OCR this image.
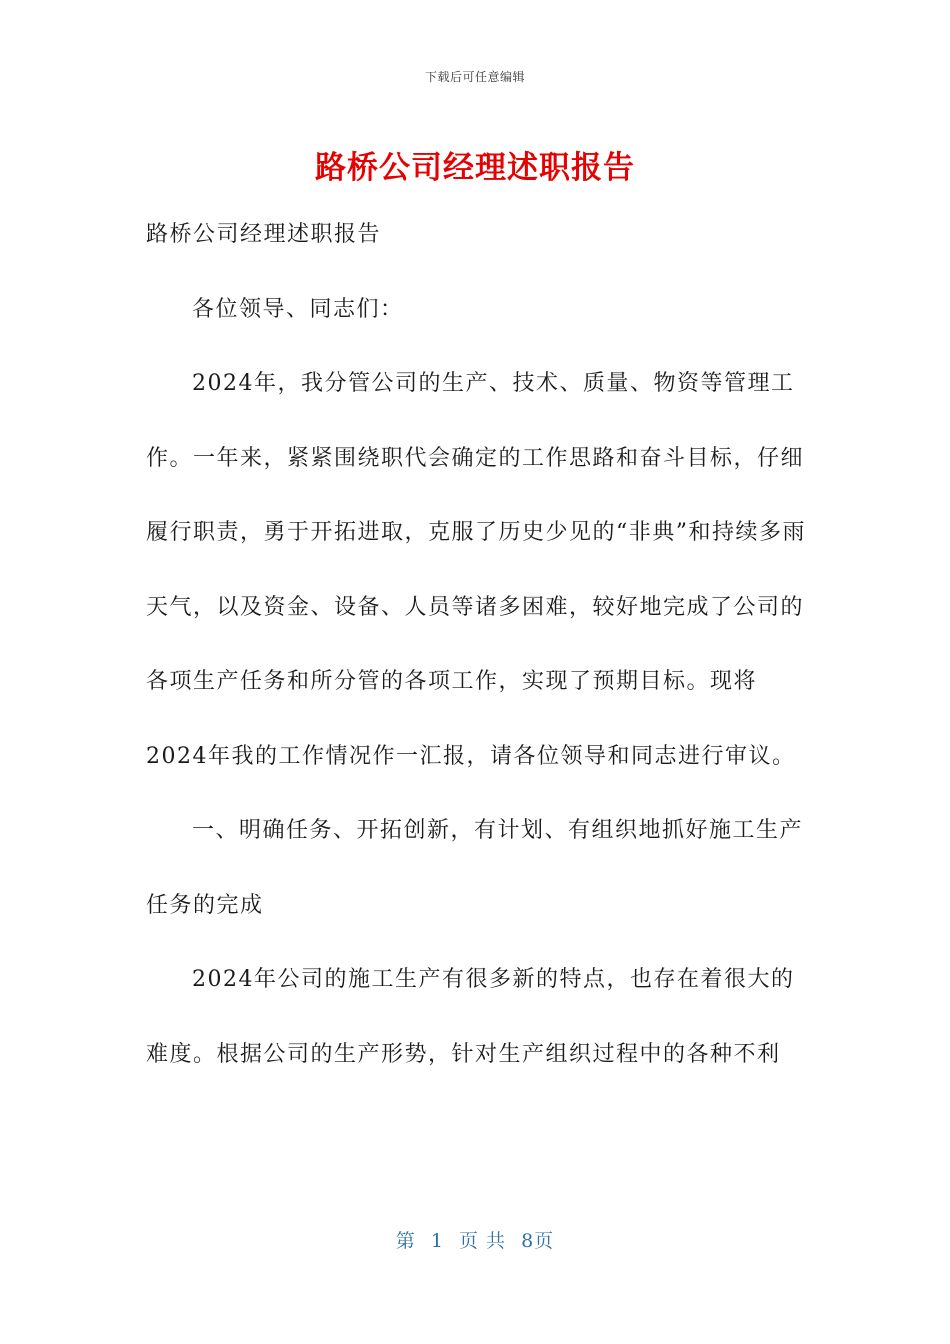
下载后可任意编辑
路桥公司经理述职报告

路桥公司经理述职报告

各位领导、同志们：

2024年，我分管公司的生产、技术、质量、物资等管理工作。一年来，紧紧围绕职代会确定的工作思路和奋斗目标，仔细履行职责，勇于开拓进取，克服了历史少见的“非典”和持续多雨天气，以及资金、设备、人员等诸多困难，较好地完成了公司的各项生产任务和所分管的各项工作，实现了预期目标。现将2024年我的工作情况作一汇报，请各位领导和同志进行审议。

一、明确任务、开拓创新，有计划、有组织地抓好施工生产任务的完成

2024年公司的施工生产有很多新的特点，也存在着很大的难度。根据公司的生产形势，针对生产组织过程中的各种不利

第 1 页 共 8页
